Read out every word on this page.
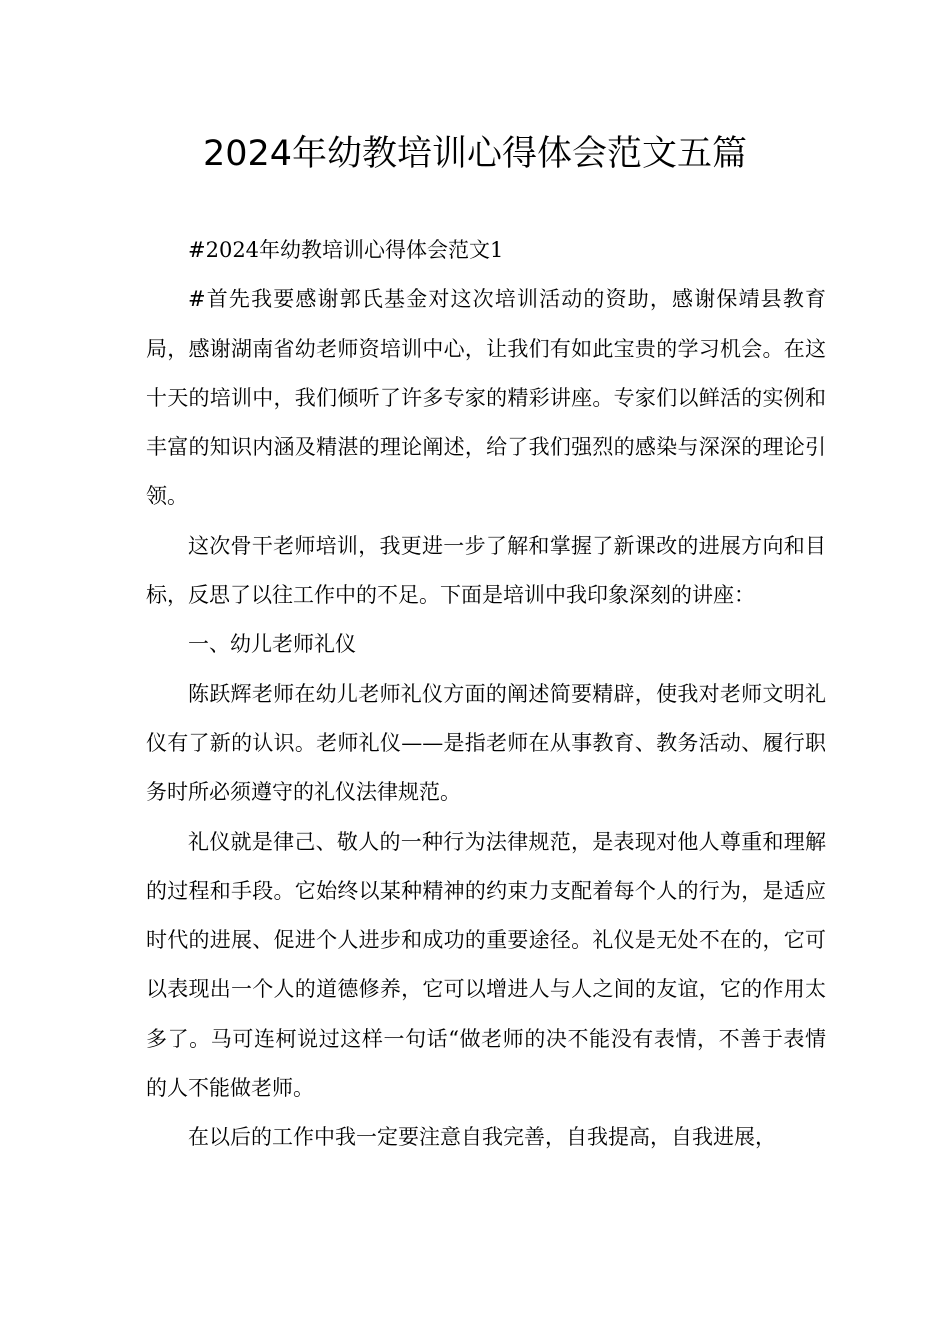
2024年幼教培训心得体会范文五篇

#2024年幼教培训心得体会范文1

#首先我要感谢郭氏基金对这次培训活动的资助，感谢保靖县教育局，感谢湖南省幼老师资培训中心，让我们有如此宝贵的学习机会。在这十天的培训中，我们倾听了许多专家的精彩讲座。专家们以鲜活的实例和丰富的知识内涵及精湛的理论阐述，给了我们强烈的感染与深深的理论引领。

这次骨干老师培训，我更进一步了解和掌握了新课改的进展方向和目标，反思了以往工作中的不足。下面是培训中我印象深刻的讲座：

一、幼儿老师礼仪

陈跃辉老师在幼儿老师礼仪方面的阐述简要精辟，使我对老师文明礼仪有了新的认识。老师礼仪——是指老师在从事教育、教务活动、履行职务时所必须遵守的礼仪法律规范。

礼仪就是律己、敬人的一种行为法律规范，是表现对他人尊重和理解的过程和手段。它始终以某种精神的约束力支配着每个人的行为，是适应时代的进展、促进个人进步和成功的重要途径。礼仪是无处不在的，它可以表现出一个人的道德修养，它可以增进人与人之间的友谊，它的作用太多了。马可连柯说过这样一句话“做老师的决不能没有表情，不善于表情的人不能做老师。

在以后的工作中我一定要注意自我完善，自我提高，自我进展，
